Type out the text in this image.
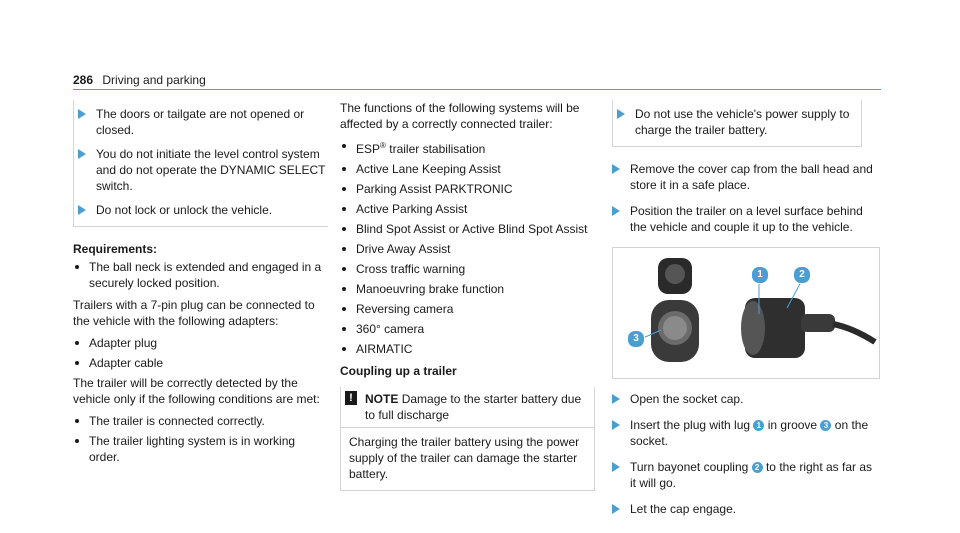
286 Driving and parking
The doors or tailgate are not opened or closed.
You do not initiate the level control system and do not operate the DYNAMIC SELECT switch.
Do not lock or unlock the vehicle.
Requirements:
The ball neck is extended and engaged in a securely locked position.

Trailers with a 7-pin plug can be connected to the vehicle with the following adapters:

Adapter plug
Adapter cable

The trailer will be correctly detected by the vehicle only if the following conditions are met:

The trailer is connected correctly.
The trailer lighting system is in working order.

The functions of the following systems will be affected by a correctly connected trailer:

ESP® trailer stabilisation
Active Lane Keeping Assist
Parking Assist PARKTRONIC
Active Parking Assist
Blind Spot Assist or Active Blind Spot Assist
Drive Away Assist
Cross traffic warning
Manoeuvring brake function
Reversing camera
360° camera
AIRMATIC
Coupling up a trailer
!	NOTE Damage to the starter battery due to full discharge
Charging the trailer battery using the power supply of the trailer can damage the starter battery.
Do not use the vehicle's power supply to charge the trailer battery.
Remove the cover cap from the ball head and store it in a safe place.
Position the trailer on a level surface behind the vehicle and couple it up to the vehicle.
1	2
3
Open the socket cap.
Insert the plug with lug 1 in groove 3 on the socket.
Turn bayonet coupling 2 to the right as far as it will go.
Let the cap engage.
